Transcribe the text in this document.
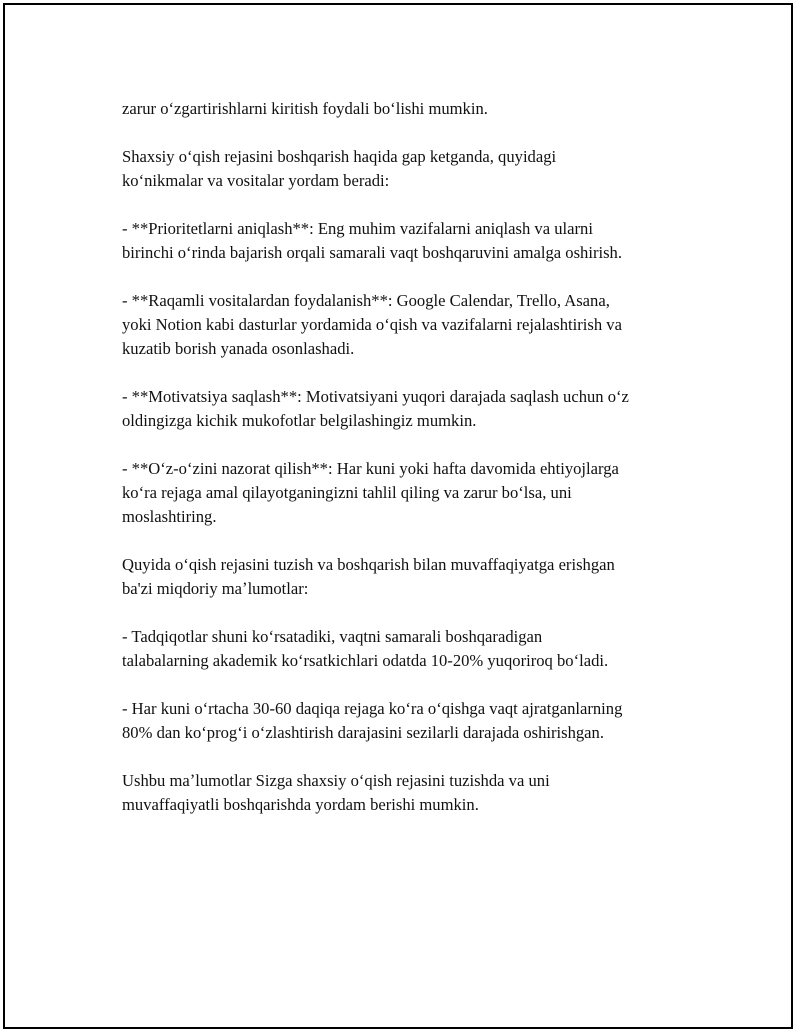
zarur oʻzgartirishlarni kiritish foydali boʻlishi mumkin.

Shaxsiy oʻqish rejasini boshqarish haqida gap ketganda, quyidagi
koʻnikmalar va vositalar yordam beradi:

- **Prioritetlarni aniqlash**: Eng muhim vazifalarni aniqlash va ularni
birinchi oʻrinda bajarish orqali samarali vaqt boshqaruvini amalga oshirish.

- **Raqamli vositalardan foydalanish**: Google Calendar, Trello, Asana,
yoki Notion kabi dasturlar yordamida oʻqish va vazifalarni rejalashtirish va
kuzatib borish yanada osonlashadi.

- **Motivatsiya saqlash**: Motivatsiyani yuqori darajada saqlash uchun oʻz
oldingizga kichik mukofotlar belgilashingiz mumkin.

- **Oʻz-oʻzini nazorat qilish**: Har kuni yoki hafta davomida ehtiyojlarga
koʻra rejaga amal qilayotganingizni tahlil qiling va zarur boʻlsa, uni
moslashtiring.

Quyida oʻqish rejasini tuzish va boshqarish bilan muvaffaqiyatga erishgan
ba'zi miqdoriy maʼlumotlar:

- Tadqiqotlar shuni koʻrsatadiki, vaqtni samarali boshqaradigan
talabalarning akademik koʻrsatkichlari odatda 10-20% yuqoriroq boʻladi.

- Har kuni oʻrtacha 30-60 daqiqa rejaga koʻra oʻqishga vaqt ajratganlarning
80% dan koʻprogʻi oʻzlashtirish darajasini sezilarli darajada oshirishgan.

Ushbu maʼlumotlar Sizga shaxsiy oʻqish rejasini tuzishda va uni
muvaffaqiyatli boshqarishda yordam berishi mumkin.
